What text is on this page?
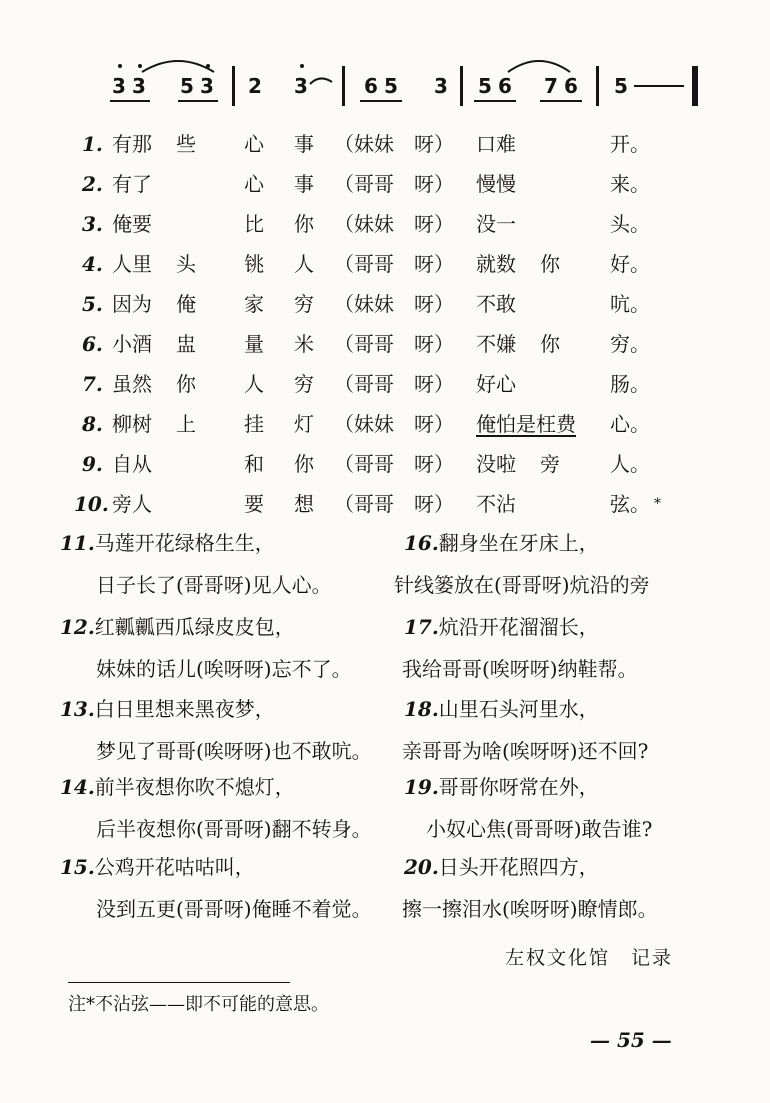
3 3 5 3 2 3	6 5 3 5 6 7 6 5
1. 有那 些 心 事 （妹妹　呀） 口难	开。
2. 有了	心 事 （哥哥　呀） 慢慢	来。
3. 俺要	比 你 （妹妹　呀） 没一	头。
4. 人里 头 铫 人 （哥哥　呀） 就数 你	好。
5. 因为 俺 家 穷 （妹妹　呀） 不敢	吭。
6. 小酒 盅 量 米 （哥哥　呀） 不嫌 你	穷。
7. 虽然 你 人 穷 （哥哥　呀） 好心	肠。
8. 柳树 上 挂 灯 （妹妹　呀） 俺怕是枉费 心。
9. 自从	和 你 （哥哥　呀） 没啦 旁	人。
10. 旁人	要 想 （哥哥　呀） 不沾	弦。 *
11.马莲开花绿格生生，
日子长了(哥哥呀)见人心。
12.红瓤瓤西瓜绿皮皮包，
妹妹的话儿(唉呀呀)忘不了。
13.白日里想来黑夜梦，
梦见了哥哥(唉呀呀)也不敢吭。
14.前半夜想你吹不熄灯，
后半夜想你(哥哥呀)翻不转身。
15.公鸡开花咕咕叫，
没到五更(哥哥呀)俺睡不着觉。
16.翻身坐在牙床上，
针线篓放在(哥哥呀)炕沿的旁
17.炕沿开花溜溜长，
我给哥哥(唉呀呀)纳鞋帮。
18.山里石头河里水，
亲哥哥为啥(唉呀呀)还不回?
19.哥哥你呀常在外，
小奴心焦(哥哥呀)敢告谁?
20.日头开花照四方，
擦一擦泪水(唉呀呀)瞭情郎。
左权文化馆　记录
注*不沾弦——即不可能的意思。
— 55 —
